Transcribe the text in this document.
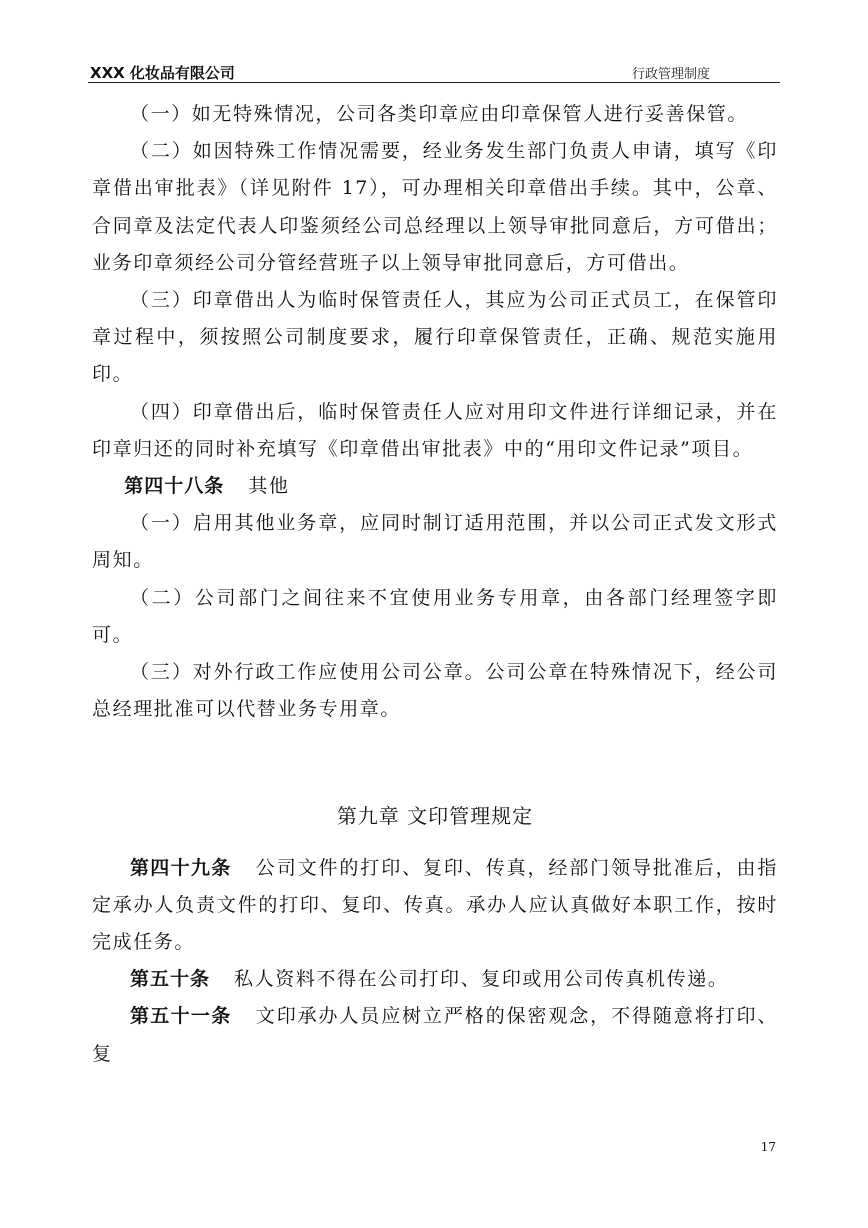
XXX 化妆品有限公司	行政管理制度

（一）如无特殊情况，公司各类印章应由印章保管人进行妥善保管。

（二）如因特殊工作情况需要，经业务发生部门负责人申请，填写《印章借出审批表》（详见附件 17），可办理相关印章借出手续。其中，公章、合同章及法定代表人印鉴须经公司总经理以上领导审批同意后，方可借出；业务印章须经公司分管经营班子以上领导审批同意后，方可借出。

（三）印章借出人为临时保管责任人，其应为公司正式员工，在保管印章过程中，须按照公司制度要求，履行印章保管责任，正确、规范实施用印。

（四）印章借出后，临时保管责任人应对用印文件进行详细记录，并在印章归还的同时补充填写《印章借出审批表》中的“用印文件记录”项目。

第四十八条 其他

（一）启用其他业务章，应同时制订适用范围，并以公司正式发文形式周知。

（二）公司部门之间往来不宜使用业务专用章，由各部门经理签字即可。

（三）对外行政工作应使用公司公章。公司公章在特殊情况下，经公司总经理批准可以代替业务专用章。

第九章 文印管理规定

第四十九条 公司文件的打印、复印、传真，经部门领导批准后，由指定承办人负责文件的打印、复印、传真。承办人应认真做好本职工作，按时完成任务。

第五十条 私人资料不得在公司打印、复印或用公司传真机传递。

第五十一条 文印承办人员应树立严格的保密观念，不得随意将打印、复

17
